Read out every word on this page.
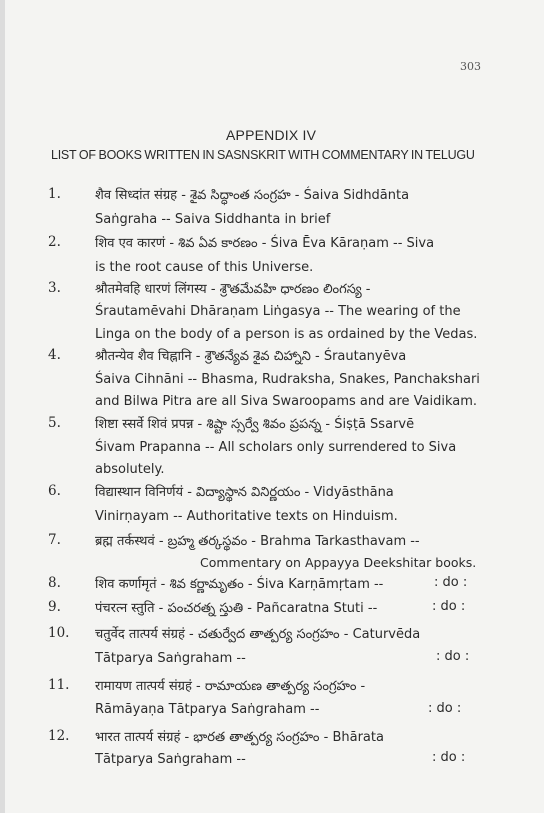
303
APPENDIX IV
LIST OF BOOKS WRITTEN IN SASNSKRIT WITH COMMENTARY IN TELUGU
1.	शैव सिध्दांत संग्रह - శైవ సిద్ధాంత సంగ్రహ - Śaiva Sidhdānta
Saṅgraha -- Saiva Siddhanta in brief
2.	शिव एव कारणं - శివ ఏవ కారణం - Śiva Ēva Kāraṇam -- Siva
is the root cause of this Universe.
3.	श्रौतमेवहि धारणं लिंगस्य - శ్రౌతమేవహి ధారణం లింగస్య -
Śrautamēvahi Dhāraṇam Liṅgasya -- The wearing of the
Linga on the body of a person is as ordained by the Vedas.
4.	श्रौतन्येव शैव चिह्नानि - శ్రౌతన్యేవ శైవ చిహ్నాని - Śrautanyēva
Śaiva Cihnāni -- Bhasma, Rudraksha, Snakes, Panchakshari
and Bilwa Pitra are all Siva Swaroopams and are Vaidikam.
5.	शिष्टा स्सर्वे शिवं प्रपन्न - శిష్టా స్సర్వే శివం ప్రపన్న - Śiṣṭā Ssarvē
Śivam Prapanna -- All scholars only surrendered to Siva
absolutely.
6.	विद्यास्थान विनिर्णयं - విద్యాస్థాన వినిర్ణయం - Vidyāsthāna
Vinirṇayam -- Authoritative texts on Hinduism.
7.	ब्रह्म तर्कस्थवं - బ్రహ్మ తర్కస్థవం - Brahma Tarkasthavam --
Commentary on Appayya Deekshitar books.
8.	शिव कर्णामृतं - శివ కర్ణామృతం - Śiva Karṇāmṛtam --	: do :
9.	पंचरत्न स्तुति - పంచరత్న స్తుతి - Pañcaratna Stuti --	: do :
10. चतुर्वेद तात्पर्य संग्रहं - చతుర్వేద తాత్పర్య సంగ్రహం - Caturvēda
Tātparya Saṅgraham --	: do :
11. रामायण तात्पर्य संग्रहं - రామాయణ తాత్పర్య సంగ్రహం -
Rāmāyaṇa Tātparya Saṅgraham --	: do :
12. भारत तात्पर्य संग्रहं - భారత తాత్పర్య సంగ్రహం - Bhārata
Tātparya Saṅgraham --	: do :
